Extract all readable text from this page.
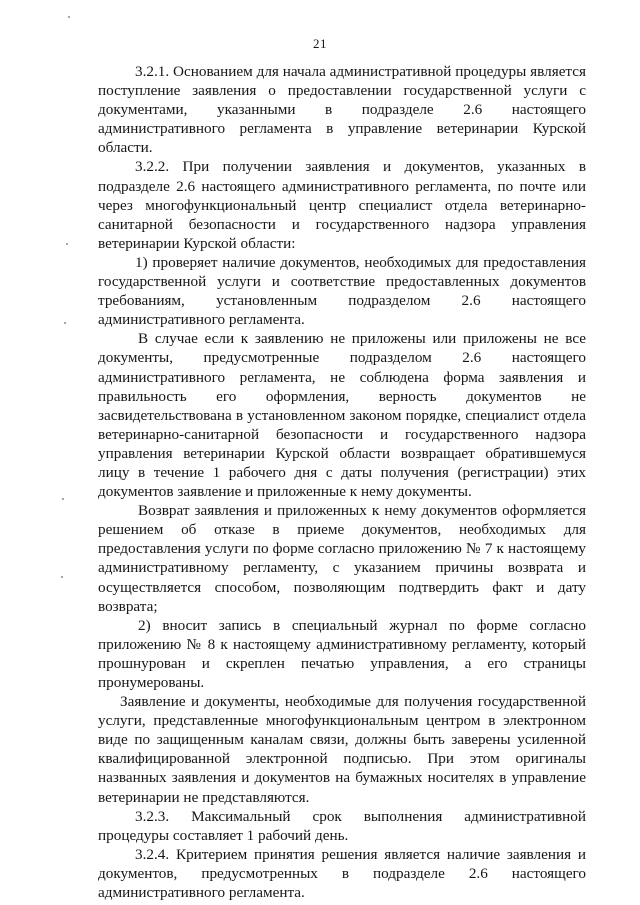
21

3.2.1. Основанием для начала административной процедуры является поступление заявления о предоставлении государственной услуги с документами, указанными в подразделе 2.6 настоящего административного регламента в управление ветеринарии Курской области.

3.2.2. При получении заявления и документов, указанных в подразделе 2.6 настоящего административного регламента, по почте или через многофункциональный центр специалист отдела ветеринарно-санитарной безопасности и государственного надзора управления ветеринарии Курской области:

1) проверяет наличие документов, необходимых для предоставления государственной услуги и соответствие предоставленных документов требованиям, установленным подразделом 2.6 настоящего административного регламента.

В случае если к заявлению не приложены или приложены не все документы, предусмотренные подразделом 2.6 настоящего административного регламента, не соблюдена форма заявления и правильность его оформления, верность документов не засвидетельствована в установленном законом порядке, специалист отдела ветеринарно-санитарной безопасности и государственного надзора управления ветеринарии Курской области возвращает обратившемуся лицу в течение 1 рабочего дня с даты получения (регистрации) этих документов заявление и приложенные к нему документы.

Возврат заявления и приложенных к нему документов оформляется решением об отказе в приеме документов, необходимых для предоставления услуги по форме согласно приложению № 7 к настоящему административному регламенту, с указанием причины возврата и осуществляется способом, позволяющим подтвердить факт и дату возврата;

2) вносит запись в специальный журнал по форме согласно приложению № 8 к настоящему административному регламенту, который прошнурован и скреплен печатью управления, а его страницы пронумерованы.

Заявление и документы, необходимые для получения государственной услуги, представленные многофункциональным центром в электронном виде по защищенным каналам связи, должны быть заверены усиленной квалифицированной электронной подписью. При этом оригиналы названных заявления и документов на бумажных носителях в управление ветеринарии не представляются.

3.2.3. Максимальный срок выполнения административной процедуры составляет 1 рабочий день.

3.2.4. Критерием принятия решения является наличие заявления и документов, предусмотренных в подразделе 2.6 настоящего административного регламента.
